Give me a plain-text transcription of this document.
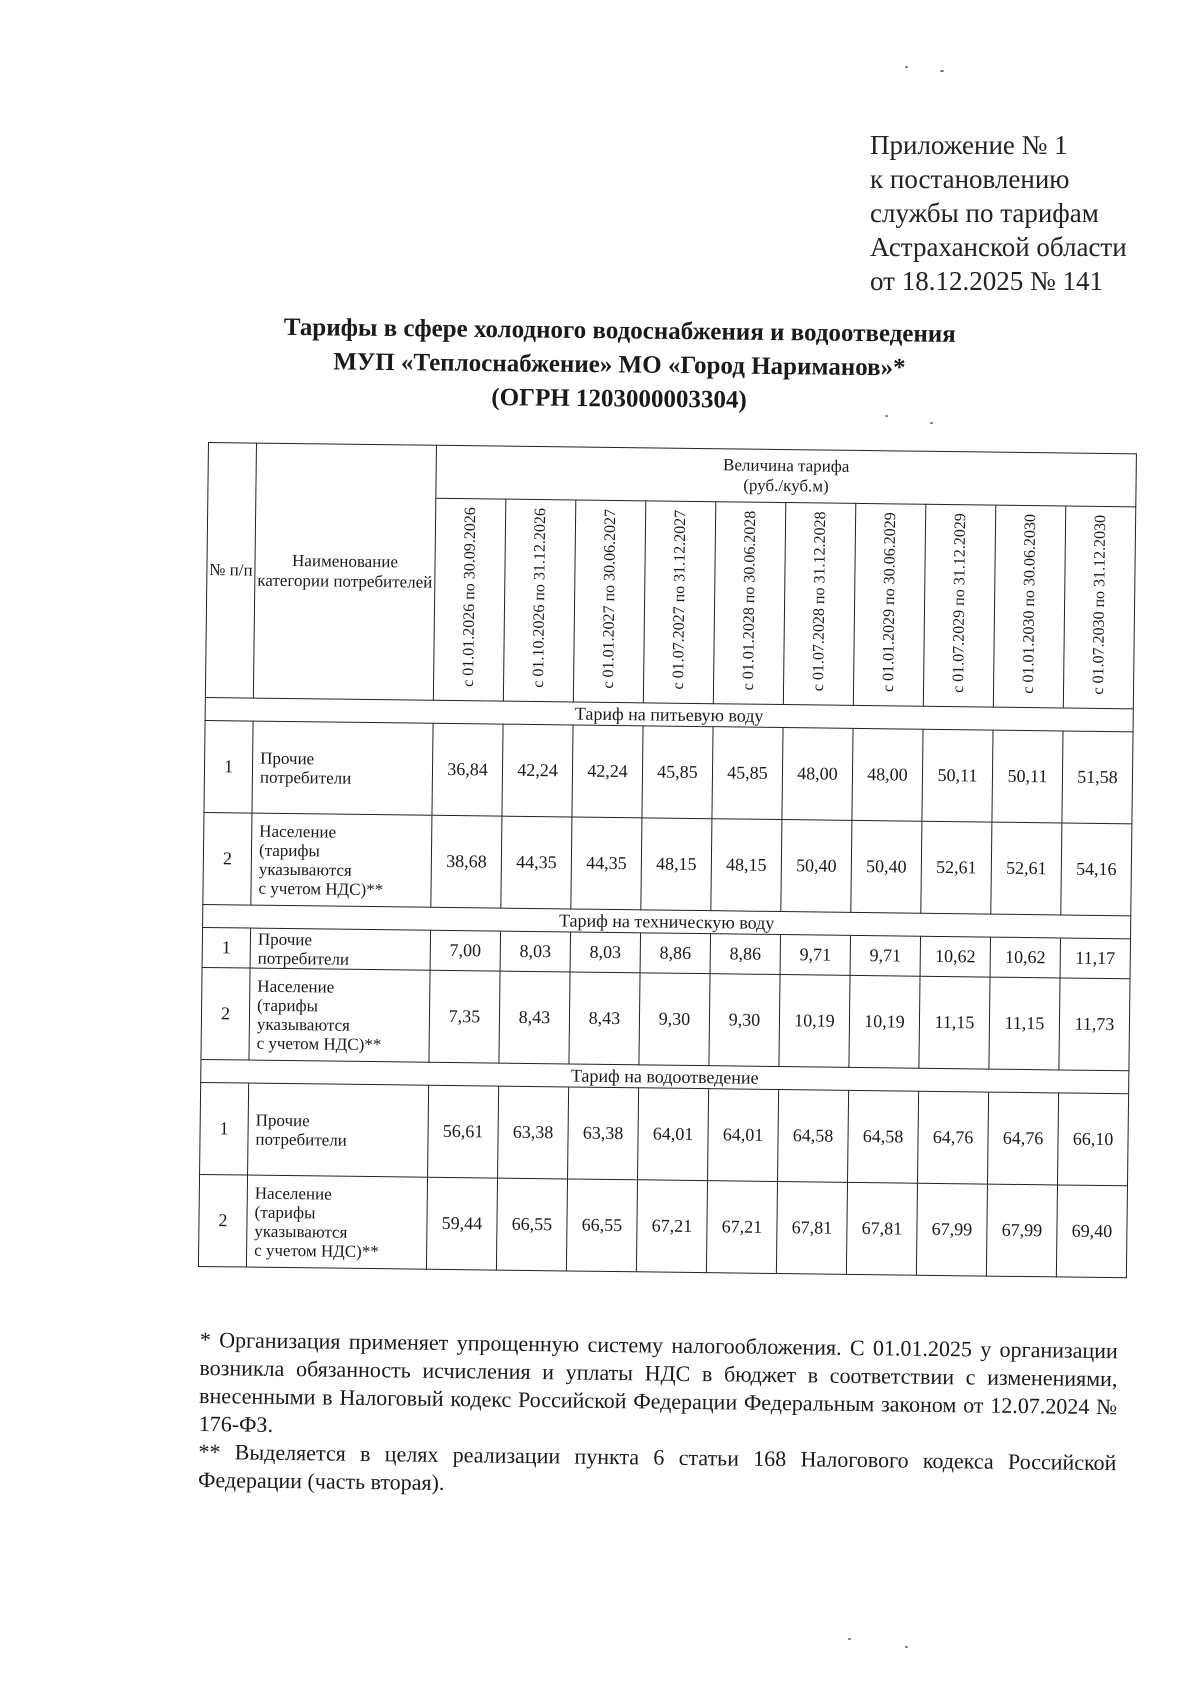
Приложение № 1
к постановлению
службы по тарифам
Астраханской области
от 18.12.2025 № 141
Тарифы в сфере холодного водоснабжения и водоотведения
МУП «Теплоснабжение» МО «Город Нариманов»*
(ОГРН 1203000003304)
№ п/п	Наименование категории потребителей	Величина тарифа
(руб./куб.м)									

		с 01.01.2026 по 30.09.2026	с 01.10.2026 по 31.12.2026	с 01.01.2027 по 30.06.2027	с 01.07.2027 по 31.12.2027	с 01.01.2028 по 30.06.2028	с 01.07.2028 по 31.12.2028	с 01.01.2029 по 30.06.2029	с 01.07.2029 по 31.12.2029	с 01.01.2030 по 30.06.2030	с 01.07.2030 по 31.12.2030
Тариф на питьевую воду											
1	Прочие
потребители	36,84	42,24	42,24	45,85	45,85	48,00	48,00	50,11	50,11	51,58
2	Население
(тарифы
указываются
с учетом НДС)**	38,68	44,35	44,35	48,15	48,15	50,40	50,40	52,61	52,61	54,16
Тариф на техническую воду											
1	Прочие
потребители	7,00	8,03	8,03	8,86	8,86	9,71	9,71	10,62	10,62	11,17
2	Население
(тарифы
указываются
с учетом НДС)**	7,35	8,43	8,43	9,30	9,30	10,19	10,19	11,15	11,15	11,73
Тариф на водоотведение											
1	Прочие
потребители	56,61	63,38	63,38	64,01	64,01	64,58	64,58	64,76	64,76	66,10
2	Население
(тарифы
указываются
с учетом НДС)**	59,44	66,55	66,55	67,21	67,21	67,81	67,81	67,99	67,99	69,40

* Организация применяет упрощенную систему налогообложения. С 01.01.2025 у организации возникла обязанность исчисления и уплаты НДС в бюджет в соответствии с изменениями, внесенными в Налоговый кодекс Российской Федерации Федеральным законом от 12.07.2024 № 176-ФЗ.

** Выделяется в целях реализации пункта 6 статьи 168 Налогового кодекса Российской Федерации (часть вторая).
